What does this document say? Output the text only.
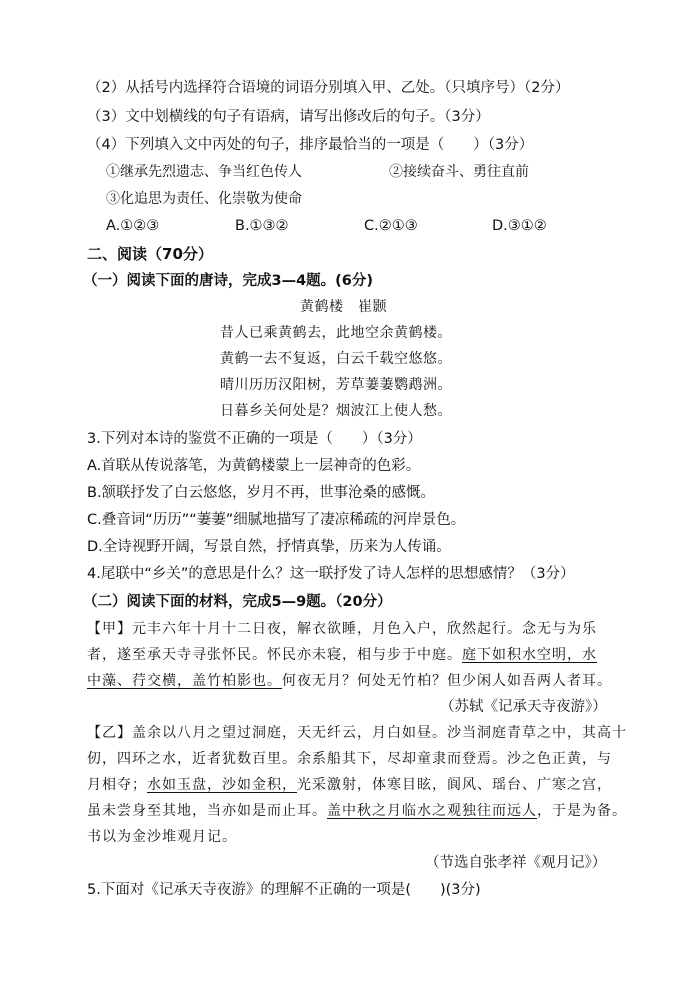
（2）从括号内选择符合语境的词语分别填入甲、乙处。（只填序号）（2分）
（3）文中划横线的句子有语病，请写出修改后的句子。（3分）
（4）下列填入文中丙处的句子，排序最恰当的一项是（　　）（3分）
①继承先烈遗志、争当红色传人	②接续奋斗、勇往直前
③化追思为责任、化崇敬为使命
A.①②③	B.①③②	C.②①③	D.③①②
二、阅读（70分）
（一）阅读下面的唐诗，完成3—4题。(6分)
黄鹤楼　崔颢
昔人已乘黄鹤去，此地空余黄鹤楼。
黄鹤一去不复返，白云千载空悠悠。
晴川历历汉阳树，芳草萋萋鹦鹉洲。
日暮乡关何处是？烟波江上使人愁。
3.下列对本诗的鉴赏不正确的一项是（　　）（3分）
A.首联从传说落笔，为黄鹤楼蒙上一层神奇的色彩。
B.颔联抒发了白云悠悠，岁月不再，世事沧桑的感慨。
C.叠音词“历历”“萋萋”细腻地描写了凄凉稀疏的河岸景色。
D.全诗视野开阔，写景自然，抒情真挚，历来为人传诵。
4.尾联中“乡关”的意思是什么？这一联抒发了诗人怎样的思想感情？（3分）
（二）阅读下面的材料，完成5—9题。（20分）
【甲】元丰六年十月十二日夜，解衣欲睡，月色入户，欣然起行。念无与为乐
者，遂至承天寺寻张怀民。怀民亦未寝，相与步于中庭。庭下如积水空明，水
中藻、荇交横，盖竹柏影也。何夜无月？何处无竹柏？但少闲人如吾两人者耳。
（苏轼《记承天寺夜游》）
【乙】盖余以八月之望过洞庭，天无纤云，月白如昼。沙当洞庭青草之中，其高十
仞，四环之水，近者犹数百里。余系船其下，尽却童隶而登焉。沙之色正黄，与
月相夺；水如玉盘，沙如金积，光采激射，体寒目眩，阆风、瑶台、广寒之宫，
虽未尝身至其地，当亦如是而止耳。盖中秋之月临水之观独往而远人，于是为备。
书以为金沙堆观月记。
（节选自张孝祥《观月记》）
5.下面对《记承天寺夜游》的理解不正确的一项是(　　)(3分)
